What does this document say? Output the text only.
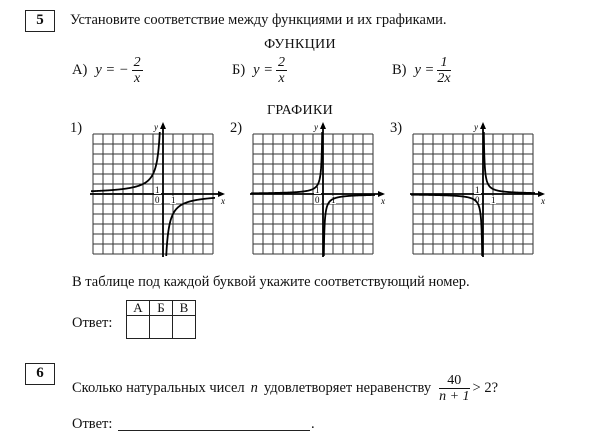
5	Установите соответствие между функциями и их графиками.
ФУНКЦИИ
А) y = − $\frac{2}{x}$	Б) $y = \frac{2}{x}$	В) $y = \frac{1}{2x}$
ГРАФИКИ
1)	2)	3)
1
0 1	x
y
1
0 1	x
y
1
0 1	x
y
В таблице под каждой буквой укажите соответствующий номер.
Ответ:
А	Б	В

6
Сколько натуральных чисел n удовлетворяет неравенству $\frac{40}{n + 1} > 2$?
Ответ:	.
